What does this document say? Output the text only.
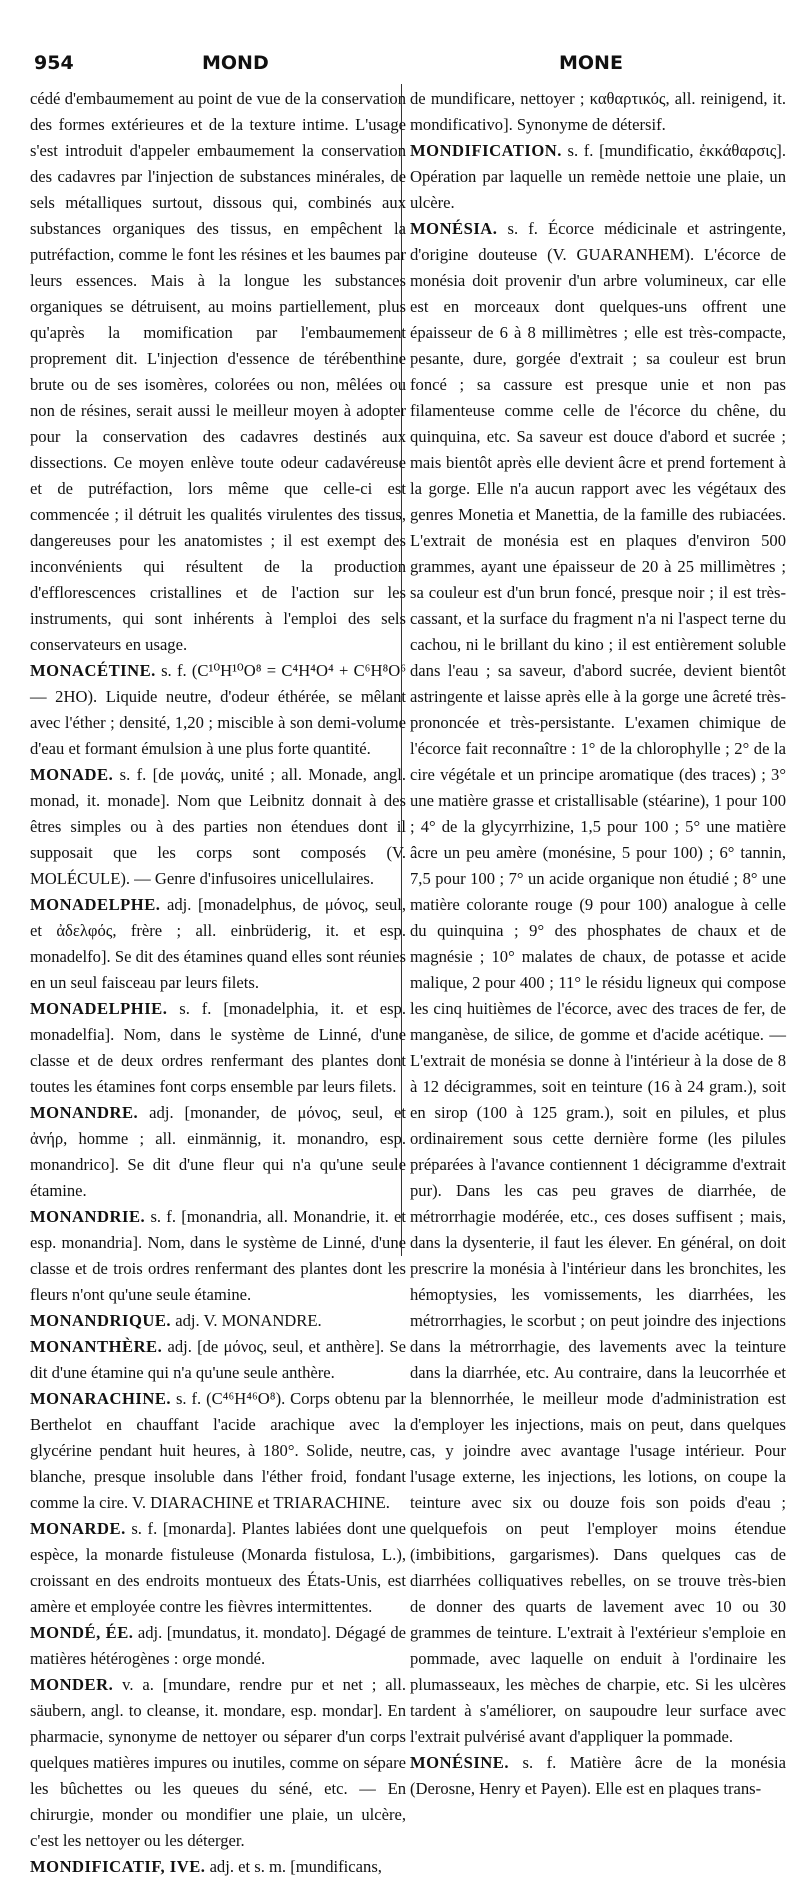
954	MOND	MONE

cédé d'embaumement au point de vue de la conservation des formes extérieures et de la texture intime. L'usage s'est introduit d'appeler embaumement la conservation des cadavres par l'injection de substances minérales, de sels métalliques surtout, dissous qui, combinés aux substances organiques des tissus, en empêchent la putréfaction, comme le font les résines et les baumes par leurs essences. Mais à la longue les substances organiques se détruisent, au moins partiellement, plus qu'après la momification par l'embaumement proprement dit. L'injection d'essence de térébenthine brute ou de ses isomères, colorées ou non, mêlées ou non de résines, serait aussi le meilleur moyen à adopter pour la conservation des cadavres destinés aux dissections. Ce moyen enlève toute odeur cadavéreuse et de putréfaction, lors même que celle-ci est commencée ; il détruit les qualités virulentes des tissus, dangereuses pour les anatomistes ; il est exempt des inconvénients qui résultent de la production d'efflorescences cristallines et de l'action sur les instruments, qui sont inhérents à l'emploi des sels conservateurs en usage.

MONACÉTINE. s. f. (C¹⁰H¹⁰O⁸ = C⁴H⁴O⁴ + C⁶H⁸O⁶ — 2HO). Liquide neutre, d'odeur éthérée, se mêlant avec l'éther ; densité, 1,20 ; miscible à son demi-volume d'eau et formant émulsion à une plus forte quantité.

MONADE. s. f. [de μονάς, unité ; all. Monade, angl. monad, it. monade]. Nom que Leibnitz donnait à des êtres simples ou à des parties non étendues dont il supposait que les corps sont composés (V. MOLÉCULE). — Genre d'infusoires unicellulaires.

MONADELPHE. adj. [monadelphus, de μόνος, seul, et ἀδελφός, frère ; all. einbrüderig, it. et esp. monadelfo]. Se dit des étamines quand elles sont réunies en un seul faisceau par leurs filets.

MONADELPHIE. s. f. [monadelphia, it. et esp. monadelfia]. Nom, dans le système de Linné, d'une classe et de deux ordres renfermant des plantes dont toutes les étamines font corps ensemble par leurs filets.

MONANDRE. adj. [monander, de μόνος, seul, et ἀνήρ, homme ; all. einmännig, it. monandro, esp. monandrico]. Se dit d'une fleur qui n'a qu'une seule étamine.

MONANDRIE. s. f. [monandria, all. Monandrie, it. et esp. monandria]. Nom, dans le système de Linné, d'une classe et de trois ordres renfermant des plantes dont les fleurs n'ont qu'une seule étamine.

MONANDRIQUE. adj. V. MONANDRE.

MONANTHÈRE. adj. [de μόνος, seul, et anthère]. Se dit d'une étamine qui n'a qu'une seule anthère.

MONARACHINE. s. f. (C⁴⁶H⁴⁶O⁸). Corps obtenu par Berthelot en chauffant l'acide arachique avec la glycérine pendant huit heures, à 180°. Solide, neutre, blanche, presque insoluble dans l'éther froid, fondant comme la cire. V. DIARACHINE et TRIARACHINE.

MONARDE. s. f. [monarda]. Plantes labiées dont une espèce, la monarde fistuleuse (Monarda fistulosa, L.), croissant en des endroits montueux des États-Unis, est amère et employée contre les fièvres intermittentes.

MONDÉ, ÉE. adj. [mundatus, it. mondato]. Dégagé de matières hétérogènes : orge mondé.

MONDER. v. a. [mundare, rendre pur et net ; all. säubern, angl. to cleanse, it. mondare, esp. mondar]. En pharmacie, synonyme de nettoyer ou séparer d'un corps quelques matières impures ou inutiles, comme on sépare les bûchettes ou les queues du séné, etc. — En chirurgie, monder ou mondifier une plaie, un ulcère, c'est les nettoyer ou les déterger.

MONDIFICATIF, IVE. adj. et s. m. [mundificans,

de mundificare, nettoyer ; καθαρτικός, all. reinigend, it. mondificativo]. Synonyme de détersif.

MONDIFICATION. s. f. [mundificatio, ἐκκάθαρσις]. Opération par laquelle un remède nettoie une plaie, un ulcère.

MONÉSIA. s. f. Écorce médicinale et astringente, d'origine douteuse (V. GUARANHEM). L'écorce de monésia doit provenir d'un arbre volumineux, car elle est en morceaux dont quelques-uns offrent une épaisseur de 6 à 8 millimètres ; elle est très-compacte, pesante, dure, gorgée d'extrait ; sa couleur est brun foncé ; sa cassure est presque unie et non pas filamenteuse comme celle de l'écorce du chêne, du quinquina, etc. Sa saveur est douce d'abord et sucrée ; mais bientôt après elle devient âcre et prend fortement à la gorge. Elle n'a aucun rapport avec les végétaux des genres Monetia et Manettia, de la famille des rubiacées. L'extrait de monésia est en plaques d'environ 500 grammes, ayant une épaisseur de 20 à 25 millimètres ; sa couleur est d'un brun foncé, presque noir ; il est très-cassant, et la surface du fragment n'a ni l'aspect terne du cachou, ni le brillant du kino ; il est entièrement soluble dans l'eau ; sa saveur, d'abord sucrée, devient bientôt astringente et laisse après elle à la gorge une âcreté très-prononcée et très-persistante. L'examen chimique de l'écorce fait reconnaître : 1° de la chlorophylle ; 2° de la cire végétale et un principe aromatique (des traces) ; 3° une matière grasse et cristallisable (stéarine), 1 pour 100 ; 4° de la glycyrrhizine, 1,5 pour 100 ; 5° une matière âcre un peu amère (monésine, 5 pour 100) ; 6° tannin, 7,5 pour 100 ; 7° un acide organique non étudié ; 8° une matière colorante rouge (9 pour 100) analogue à celle du quinquina ; 9° des phosphates de chaux et de magnésie ; 10° malates de chaux, de potasse et acide malique, 2 pour 400 ; 11° le résidu ligneux qui compose les cinq huitièmes de l'écorce, avec des traces de fer, de manganèse, de silice, de gomme et d'acide acétique. — L'extrait de monésia se donne à l'intérieur à la dose de 8 à 12 décigrammes, soit en teinture (16 à 24 gram.), soit en sirop (100 à 125 gram.), soit en pilules, et plus ordinairement sous cette dernière forme (les pilules préparées à l'avance contiennent 1 décigramme d'extrait pur). Dans les cas peu graves de diarrhée, de métrorrhagie modérée, etc., ces doses suffisent ; mais, dans la dysenterie, il faut les élever. En général, on doit prescrire la monésia à l'intérieur dans les bronchites, les hémoptysies, les vomissements, les diarrhées, les métrorrhagies, le scorbut ; on peut joindre des injections dans la métrorrhagie, des lavements avec la teinture dans la diarrhée, etc. Au contraire, dans la leucorrhée et la blennorrhée, le meilleur mode d'administration est d'employer les injections, mais on peut, dans quelques cas, y joindre avec avantage l'usage intérieur. Pour l'usage externe, les injections, les lotions, on coupe la teinture avec six ou douze fois son poids d'eau ; quelquefois on peut l'employer moins étendue (imbibitions, gargarismes). Dans quelques cas de diarrhées colliquatives rebelles, on se trouve très-bien de donner des quarts de lavement avec 10 ou 30 grammes de teinture. L'extrait à l'extérieur s'emploie en pommade, avec laquelle on enduit à l'ordinaire les plumasseaux, les mèches de charpie, etc. Si les ulcères tardent à s'améliorer, on saupoudre leur surface avec l'extrait pulvérisé avant d'appliquer la pommade.

MONÉSINE. s. f. Matière âcre de la monésia (Derosne, Henry et Payen). Elle est en plaques trans-
